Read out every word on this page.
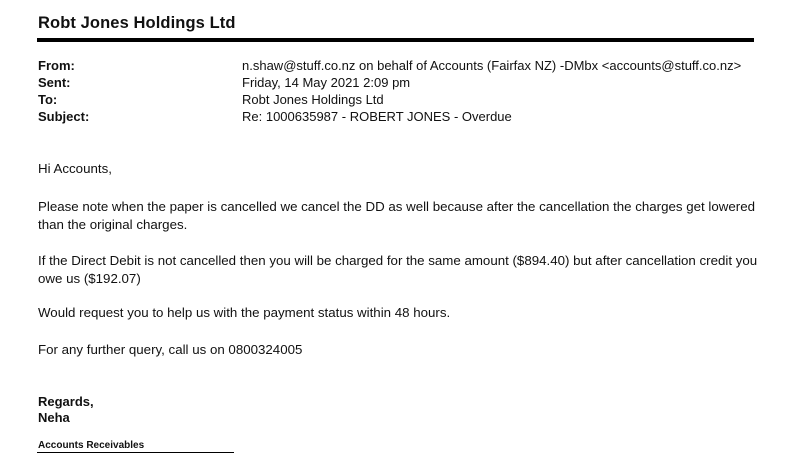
Robt Jones Holdings Ltd
From:	n.shaw@stuff.co.nz on behalf of Accounts (Fairfax NZ) -DMbx <accounts@stuff.co.nz>
Sent:	Friday, 14 May 2021 2:09 pm
To:	Robt Jones Holdings Ltd
Subject:	Re: 1000635987 - ROBERT JONES - Overdue
Hi Accounts,
Please note when the paper is cancelled we cancel the DD as well because after the cancellation the charges get lowered than the original charges.
If the Direct Debit is not cancelled then you will be charged for the same amount ($894.40) but after cancellation credit you owe us ($192.07)
Would request you to help us with the payment status within 48 hours.
For any further query, call us on 0800324005
Regards,
Neha
Accounts Receivables
